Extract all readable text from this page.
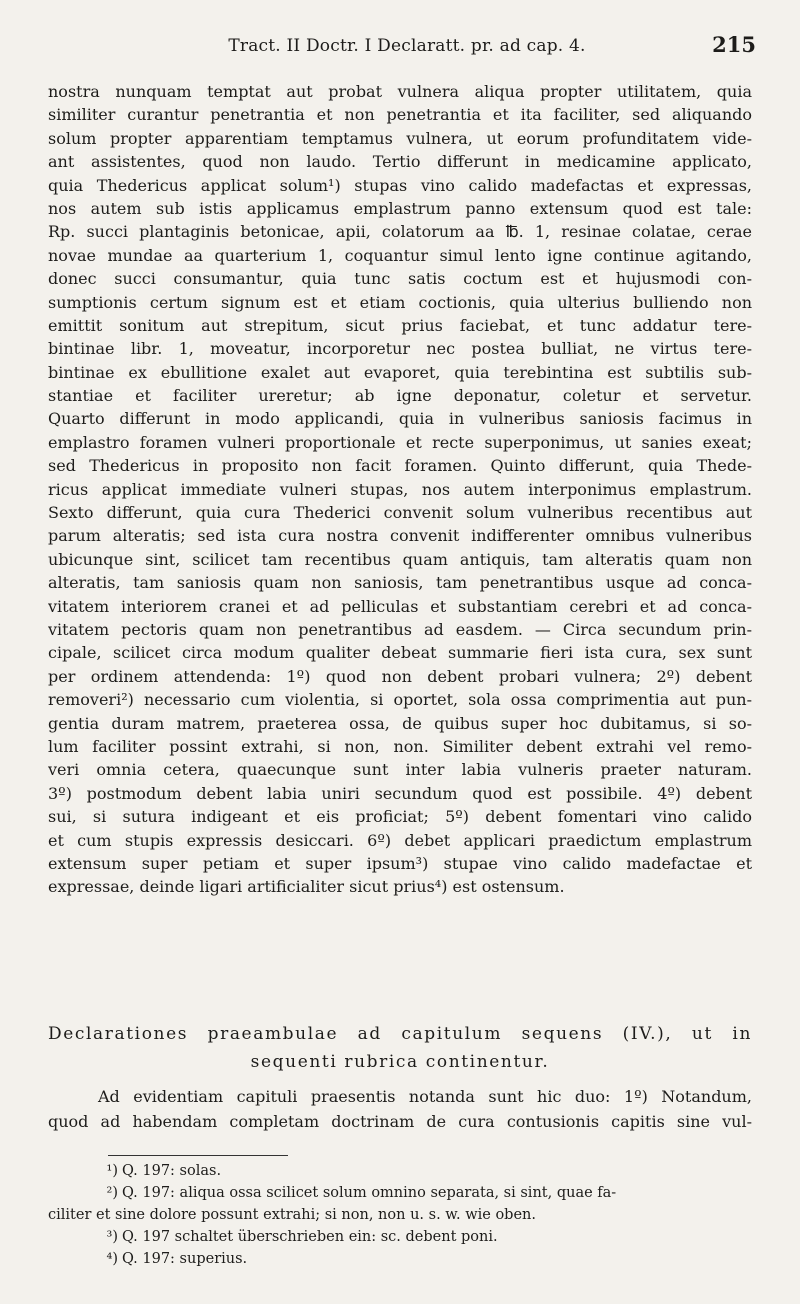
Tract. II Doctr. I Declaratt. pr. ad cap. 4.	215
nostra nunquam temptat aut probat vulnera aliqua propter utilitatem, quia
similiter curantur penetrantia et non penetrantia et ita faciliter, sed aliquando
solum propter apparentiam temptamus vulnera, ut eorum profunditatem vide-
ant assistentes, quod non laudo. Tertio differunt in medicamine applicato,
quia Thedericus applicat solum¹) stupas vino calido madefactas et expressas,
nos autem sub istis applicamus emplastrum panno extensum quod est tale:
Rp. succi plantaginis betonicae, apii, colatorum aa ℔. 1, resinae colatae, cerae
novae mundae aa quarterium 1, coquantur simul lento igne continue agitando,
donec succi consumantur, quia tunc satis coctum est et hujusmodi con-
sumptionis certum signum est et etiam coctionis, quia ulterius bulliendo non
emittit sonitum aut strepitum, sicut prius faciebat, et tunc addatur tere-
bintinae libr. 1, moveatur, incorporetur nec postea bulliat, ne virtus tere-
bintinae ex ebullitione exalet aut evaporet, quia terebintina est subtilis sub-
stantiae et faciliter ureretur; ab igne deponatur, coletur et servetur.
Quarto differunt in modo applicandi, quia in vulneribus saniosis facimus in
emplastro foramen vulneri proportionale et recte superponimus, ut sanies exeat;
sed Thedericus in proposito non facit foramen. Quinto differunt, quia Thede-
ricus applicat immediate vulneri stupas, nos autem interponimus emplastrum.
Sexto differunt, quia cura Thederici convenit solum vulneribus recentibus aut
parum alteratis; sed ista cura nostra convenit indifferenter omnibus vulneribus
ubicunque sint, scilicet tam recentibus quam antiquis, tam alteratis quam non
alteratis, tam saniosis quam non saniosis, tam penetrantibus usque ad conca-
vitatem interiorem cranei et ad pelliculas et substantiam cerebri et ad conca-
vitatem pectoris quam non penetrantibus ad easdem. — Circa secundum prin-
cipale, scilicet circa modum qualiter debeat summarie fieri ista cura, sex sunt
per ordinem attendenda: 1º) quod non debent probari vulnera; 2º) debent
removeri²) necessario cum violentia, si oportet, sola ossa comprimentia aut pun-
gentia duram matrem, praeterea ossa, de quibus super hoc dubitamus, si so-
lum faciliter possint extrahi, si non, non. Similiter debent extrahi vel remo-
veri omnia cetera, quaecunque sunt inter labia vulneris praeter naturam.
3º) postmodum debent labia uniri secundum quod est possibile. 4º) debent
sui, si sutura indigeant et eis proficiat; 5º) debent fomentari vino calido
et cum stupis expressis desiccari. 6º) debet applicari praedictum emplastrum
extensum super petiam et super ipsum³) stupae vino calido madefactae et
expressae, deinde ligari artificialiter sicut prius⁴) est ostensum.
Declarationes praeambulae ad capitulum sequens (IV.), ut in
sequenti rubrica continentur.
Ad evidentiam capituli praesentis notanda sunt hic duo: 1º) Notandum,
quod ad habendam completam doctrinam de cura contusionis capitis sine vul-
¹) Q. 197: solas.
²) Q. 197: aliqua ossa scilicet solum omnino separata, si sint, quae fa-
ciliter et sine dolore possunt extrahi; si non, non u. s. w. wie oben.
³) Q. 197 schaltet überschrieben ein: sc. debent poni.
⁴) Q. 197: superius.
